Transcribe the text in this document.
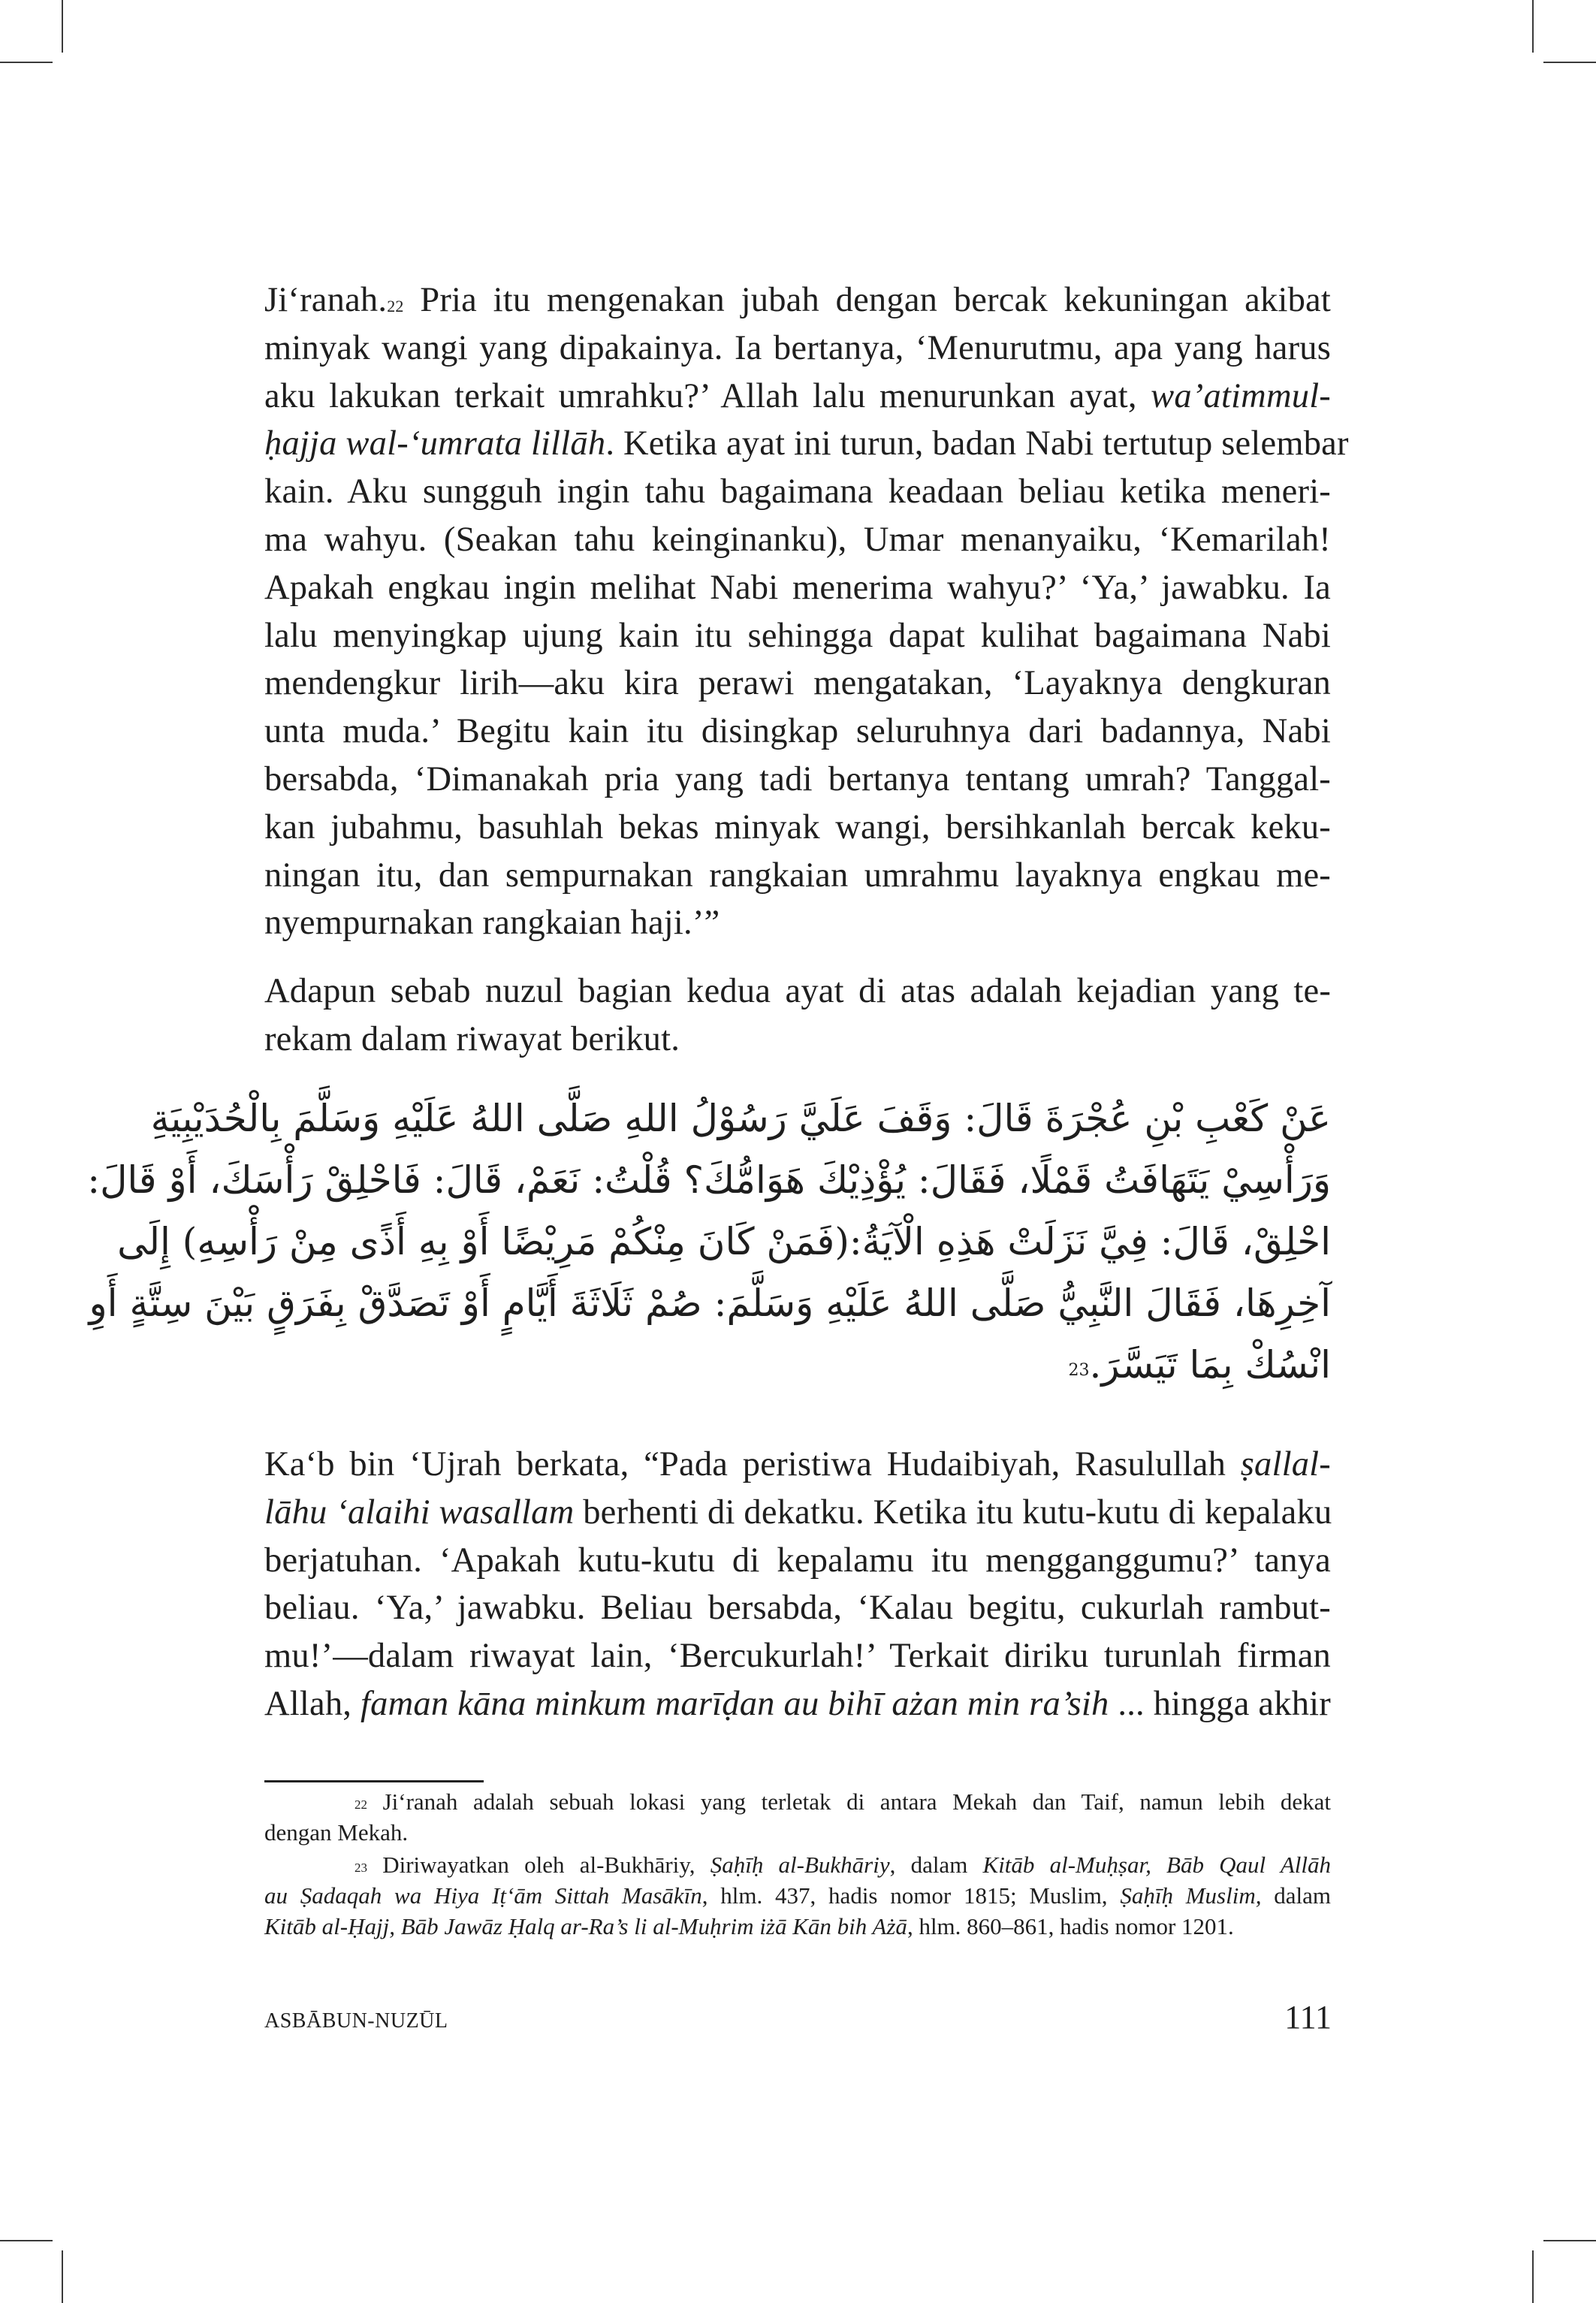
Ji‘ranah.$^{22}$ Pria itu mengenakan jubah dengan bercak kekuningan akibat
minyak wangi yang dipakainya. Ia bertanya, ‘Menurutmu, apa yang harus
aku lakukan terkait umrahku?’ Allah lalu menurunkan ayat, wa’atimmul-
ḥajja wal-‘umrata lillāh. Ketika ayat ini turun, badan Nabi tertutup selembar
kain. Aku sungguh ingin tahu bagaimana keadaan beliau ketika meneri-
ma wahyu. (Seakan tahu keinginanku), Umar menanyaiku, ‘Kemarilah!
Apakah engkau ingin melihat Nabi menerima wahyu?’ ‘Ya,’ jawabku. Ia
lalu menyingkap ujung kain itu sehingga dapat kulihat bagaimana Nabi
mendengkur lirih—aku kira perawi mengatakan, ‘Layaknya dengkuran
unta muda.’ Begitu kain itu disingkap seluruhnya dari badannya, Nabi
bersabda, ‘Dimanakah pria yang tadi bertanya tentang umrah? Tanggal-
kan jubahmu, basuhlah bekas minyak wangi, bersihkanlah bercak keku-
ningan itu, dan sempurnakan rangkaian umrahmu layaknya engkau me-
nyempurnakan rangkaian haji.’”
Adapun sebab nuzul bagian kedua ayat di atas adalah kejadian yang te-
rekam dalam riwayat berikut.
عَنْ كَعْبِ بْنِ عُجْرَةَ قَالَ: وَقَفَ عَلَيَّ رَسُوْلُ اللهِ صَلَّى اللهُ عَلَيْهِ وَسَلَّمَ بِالْحُدَيْبِيَةِ
وَرَأْسِيْ يَتَهَافَتُ قَمْلًا، فَقَالَ: يُؤْذِيْكَ هَوَامُّكَ؟ قُلْتُ: نَعَمْ، قَالَ: فَاحْلِقْ رَأْسَكَ، أَوْ قَالَ:
احْلِقْ، قَالَ: فِيَّ نَزَلَتْ هَذِهِ الْآيَةُ:(فَمَنْ كَانَ مِنْكُمْ مَرِيْضًا أَوْ بِهِ أَذًى مِنْ رَأْسِهِ) إِلَى
آخِرِهَا، فَقَالَ النَّبِيُّ صَلَّى اللهُ عَلَيْهِ وَسَلَّمَ: صُمْ ثَلَاثَةَ أَيَّامٍ أَوْ تَصَدَّقْ بِفَرَقٍ بَيْنَ سِتَّةٍ أَوِ
انْسُكْ بِمَا تَيَسَّرَ.$^{23}$
Ka‘b bin ‘Ujrah berkata, “Pada peristiwa Hudaibiyah, Rasulullah ṣallal-
lāhu ‘alaihi wasallam berhenti di dekatku. Ketika itu kutu-kutu di kepalaku
berjatuhan. ‘Apakah kutu-kutu di kepalamu itu mengganggumu?’ tanya
beliau. ‘Ya,’ jawabku. Beliau bersabda, ‘Kalau begitu, cukurlah rambut-
mu!’—dalam riwayat lain, ‘Bercukurlah!’ Terkait diriku turunlah firman
Allah, faman kāna minkum marīḍan au bihī ażan min ra’sih ... hingga akhir
$^{22}$ Ji‘ranah adalah sebuah lokasi yang terletak di antara Mekah dan Taif, namun lebih dekat
dengan Mekah.
$^{23}$ Diriwayatkan oleh al-Bukhāriy, Ṣaḥīḥ al-Bukhāriy, dalam Kitāb al-Muḥṣar, Bāb Qaul Allāh
au Ṣadaqah wa Hiya Iṭ‘ām Sittah Masākīn, hlm. 437, hadis nomor 1815; Muslim, Ṣaḥīḥ Muslim, dalam
Kitāb al-Ḥajj, Bāb Jawāz Ḥalq ar-Ra’s li al-Muḥrim iżā Kān bih Ażā, hlm. 860–861, hadis nomor 1201.
ASBĀBUN-NUZŪL	111
